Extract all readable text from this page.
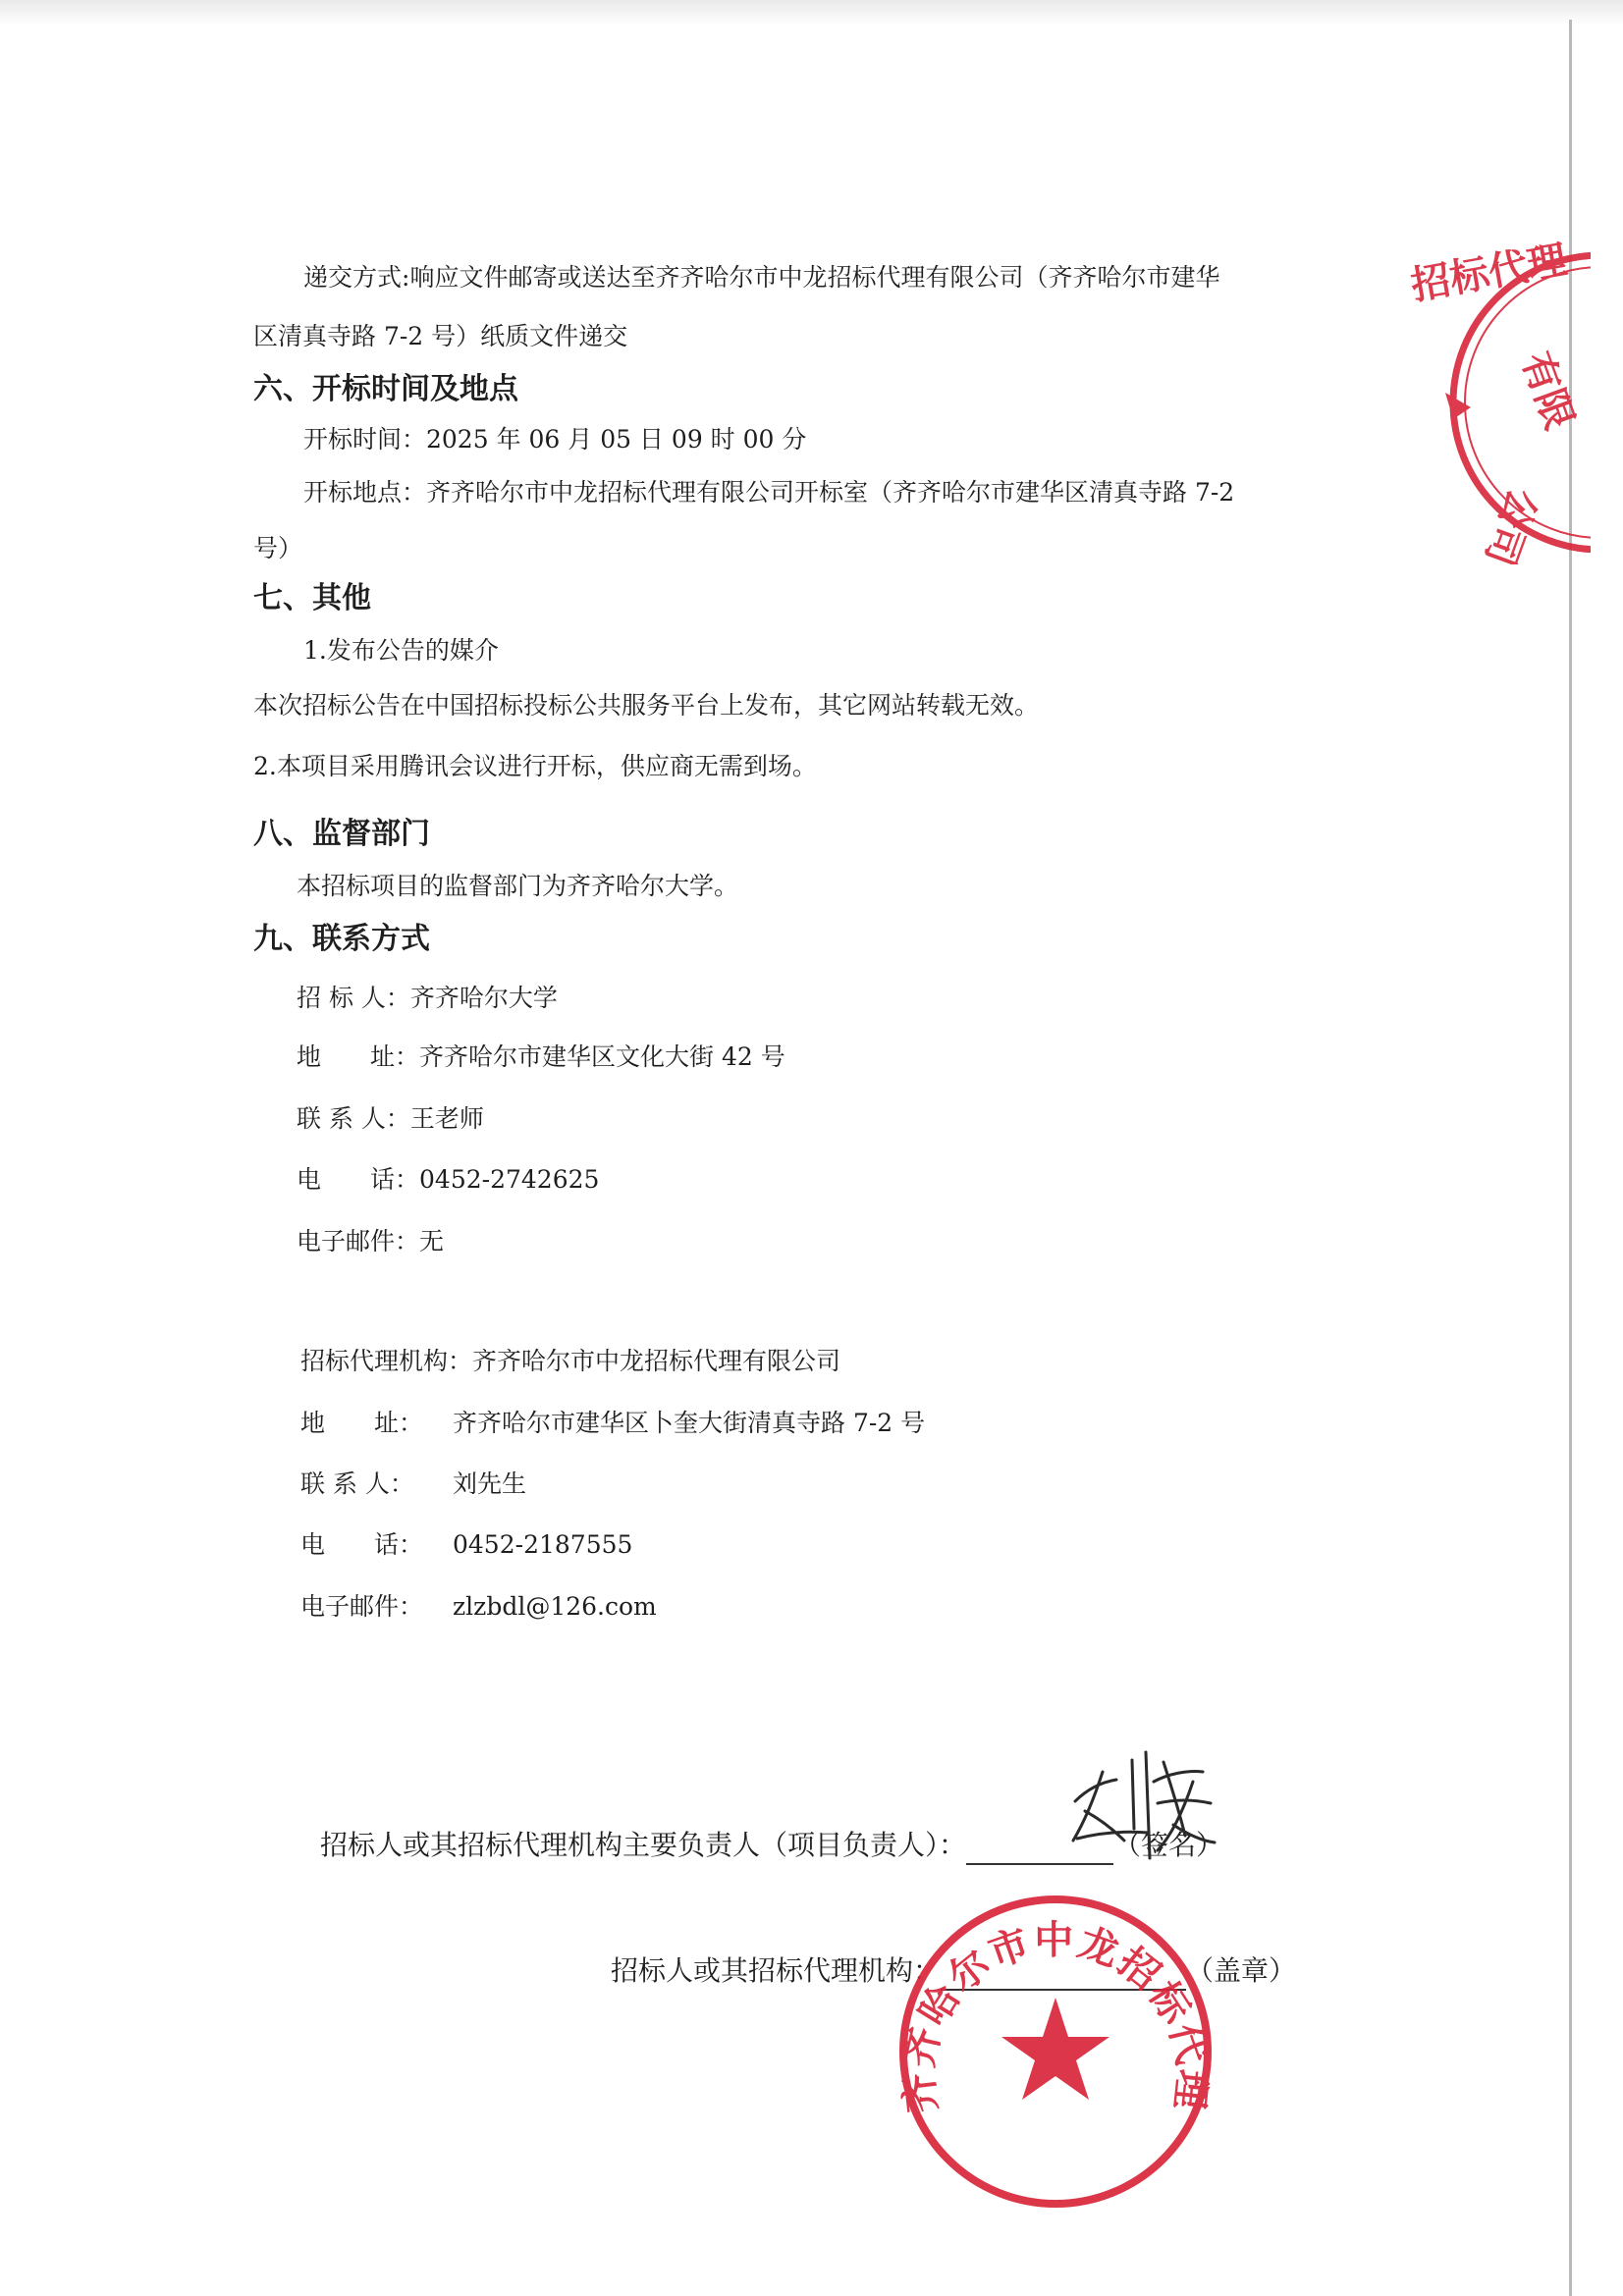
递交方式:响应文件邮寄或送达至齐齐哈尔市中龙招标代理有限公司（齐齐哈尔市建华
区清真寺路 7-2 号）纸质文件递交
六、开标时间及地点
开标时间：2025 年 06 月 05 日 09 时 00 分
开标地点：齐齐哈尔市中龙招标代理有限公司开标室（齐齐哈尔市建华区清真寺路 7-2
号）
七、其他
1.发布公告的媒介
本次招标公告在中国招标投标公共服务平台上发布，其它网站转载无效。
2.本项目采用腾讯会议进行开标，供应商无需到场。
八、监督部门
本招标项目的监督部门为齐齐哈尔大学。
九、联系方式
招 标 人：齐齐哈尔大学
地　　址：齐齐哈尔市建华区文化大街 42 号
联 系 人：王老师
电　　话：0452-2742625
电子邮件：无
招标代理机构：齐齐哈尔市中龙招标代理有限公司
地　　址： 齐齐哈尔市建华区卜奎大街清真寺路 7-2 号
联 系 人： 刘先生
电　　话： 0452-2187555
电子邮件： zlzbdl@126.com
招标人或其招标代理机构主要负责人（项目负责人）：	（签名）
招标人或其招标代理机构：	（盖章）
招标代理
有限
公司
齐齐哈尔市中龙招标代理
